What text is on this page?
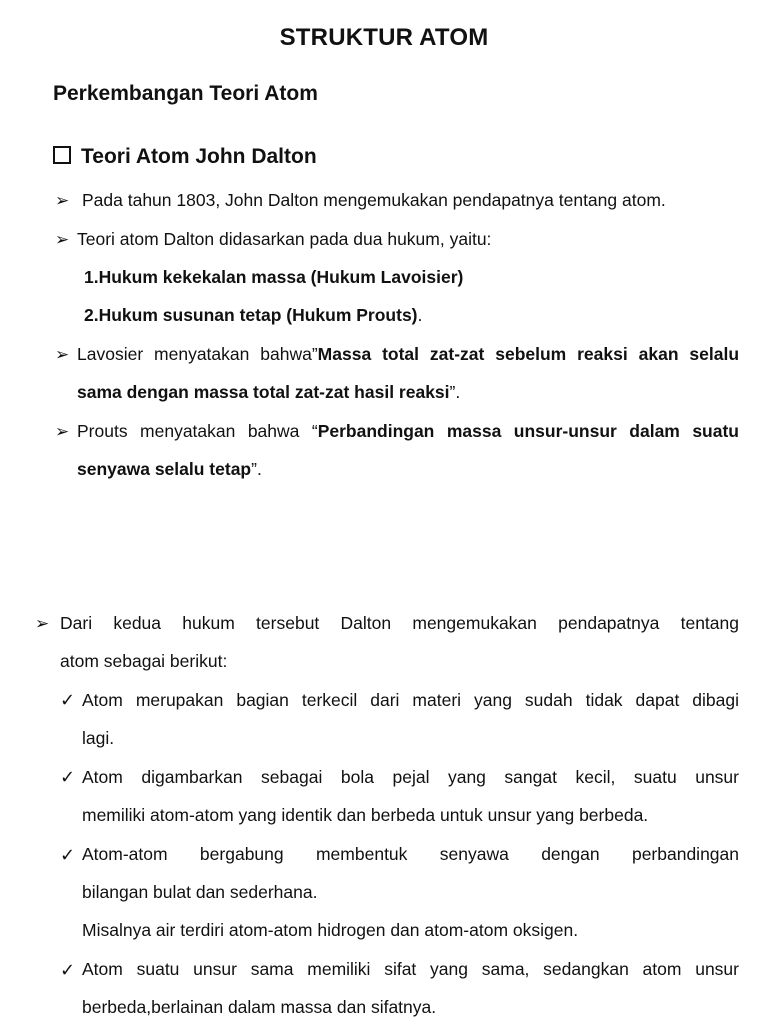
STRUKTUR ATOM
Perkembangan Teori Atom
Teori Atom John Dalton
➢ Pada tahun 1803, John Dalton mengemukakan pendapatnya tentang atom.
➢ Teori atom Dalton didasarkan pada dua hukum, yaitu:
1.Hukum kekekalan massa (Hukum Lavoisier)
2.Hukum susunan tetap (Hukum Prouts).
➢ Lavosier menyatakan bahwa”Massa total zat-zat sebelum reaksi akan selalu
sama dengan massa total zat-zat hasil reaksi”.
➢ Prouts menyatakan bahwa “Perbandingan massa unsur-unsur dalam suatu
senyawa selalu tetap”.
➢ Dari kedua hukum tersebut Dalton mengemukakan pendapatnya tentang
atom sebagai berikut:
✓ Atom merupakan bagian terkecil dari materi yang sudah tidak dapat dibagi
lagi.
✓ Atom digambarkan sebagai bola pejal yang sangat kecil, suatu unsur
memiliki atom-atom yang identik dan berbeda untuk unsur yang berbeda.
✓ Atom-atom bergabung membentuk senyawa dengan perbandingan
bilangan bulat dan sederhana.
Misalnya air terdiri atom-atom hidrogen dan atom-atom oksigen.
✓ Atom suatu unsur sama memiliki sifat yang sama, sedangkan atom unsur
berbeda,berlainan dalam massa dan sifatnya.
